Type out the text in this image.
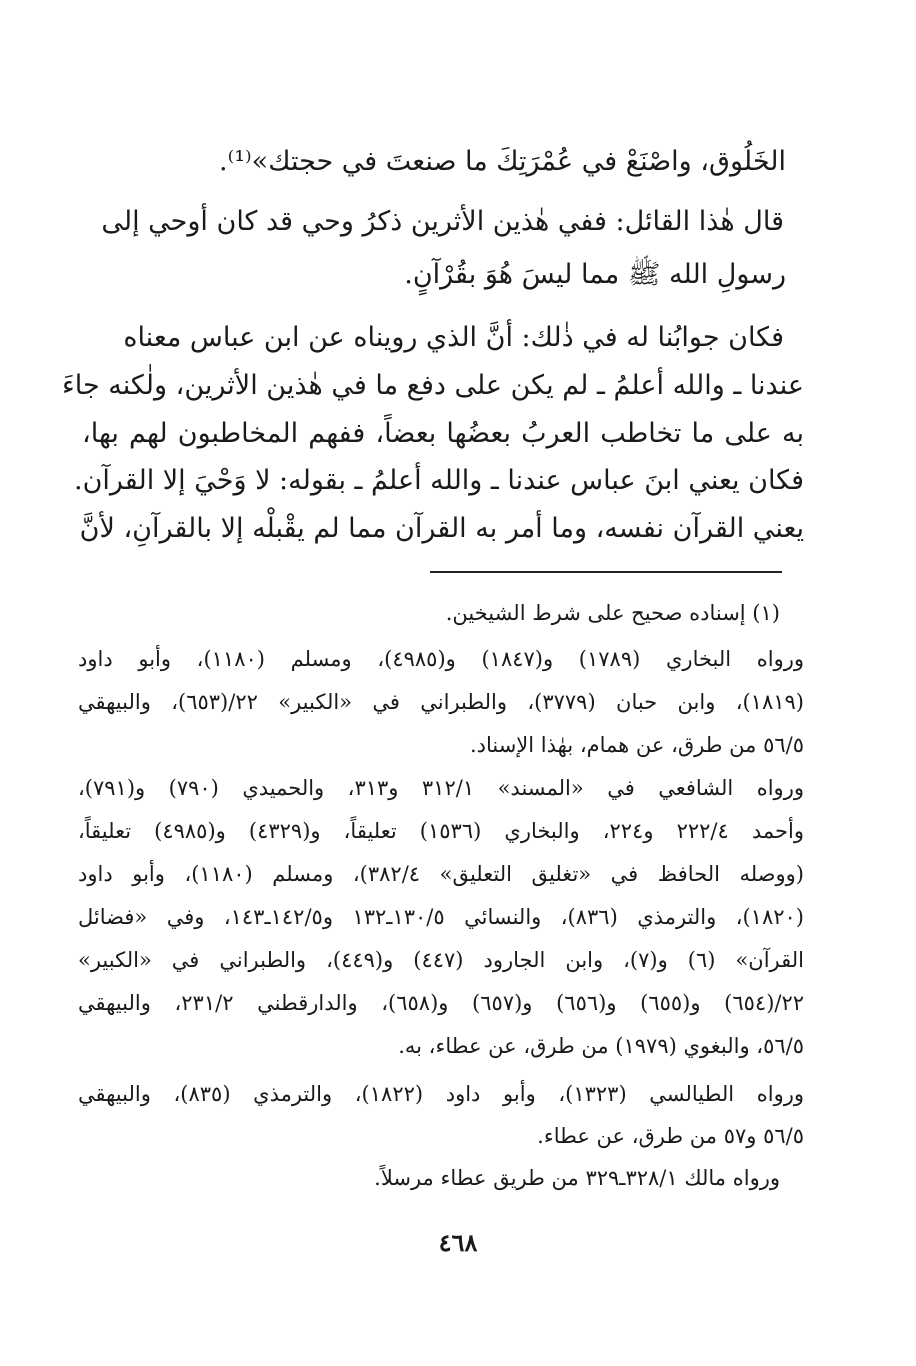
الخَلُوق، واصْنَعْ في عُمْرَتِكَ ما صنعتَ في حجتك»⁽¹⁾.
قال هٰذا القائل: ففي هٰذين الأثرين ذكرُ وحي قد كان أوحي إلى
رسولِ الله ﷺ مما ليسَ هُوَ بقُرْآنٍ.
فكان جوابُنا له في ذٰلك: أنَّ الذي رويناه عن ابن عباس معناه
عندنا ـ والله أعلمُ ـ لم يكن على دفع ما في هٰذين الأثرين، ولٰكنه جاءَ
به على ما تخاطب العربُ بعضُها بعضاً، ففهم المخاطبون لهم بها،
فكان يعني ابنَ عباس عندنا ـ والله أعلمُ ـ بقوله: لا وَحْيَ إلا القرآن.
يعني القرآن نفسه، وما أمر به القرآن مما لم يقْبلْه إلا بالقرآنِ، لأنَّ
(١) إسناده صحيح على شرط الشيخين.
ورواه البخاري (١٧٨٩) و(١٨٤٧) و(٤٩٨٥)، ومسلم (١١٨٠)، وأبو داود
(١٨١٩)، وابن حبان (٣٧٧٩)، والطبراني في «الكبير» ٢٢/(٦٥٣)، والبيهقي
٥٦/٥ من طرق، عن همام، بهٰذا الإسناد.
ورواه الشافعي في «المسند» ٣١٢/١ و٣١٣، والحميدي (٧٩٠) و(٧٩١)،
وأحمد ٢٢٢/٤ و٢٢٤، والبخاري (١٥٣٦) تعليقاً، و(٤٣٢٩) و(٤٩٨٥) تعليقاً،
(ووصله الحافظ في «تغليق التعليق» ٣٨٢/٤)، ومسلم (١١٨٠)، وأبو داود
(١٨٢٠)، والترمذي (٨٣٦)، والنسائي ١٣٠/٥ـ١٣٢ و١٤٢/٥ـ١٤٣، وفي «فضائل
القرآن» (٦) و(٧)، وابن الجارود (٤٤٧) و(٤٤٩)، والطبراني في «الكبير»
٢٢/(٦٥٤) و(٦٥٥) و(٦٥٦) و(٦٥٧) و(٦٥٨)، والدارقطني ٢٣١/٢، والبيهقي
٥٦/٥، والبغوي (١٩٧٩) من طرق، عن عطاء، به.
ورواه الطيالسي (١٣٢٣)، وأبو داود (١٨٢٢)، والترمذي (٨٣٥)، والبيهقي
٥٦/٥ و٥٧ من طرق، عن عطاء.
ورواه مالك ٣٢٨/١ـ٣٢٩ من طريق عطاء مرسلاً.
٤٦٨
